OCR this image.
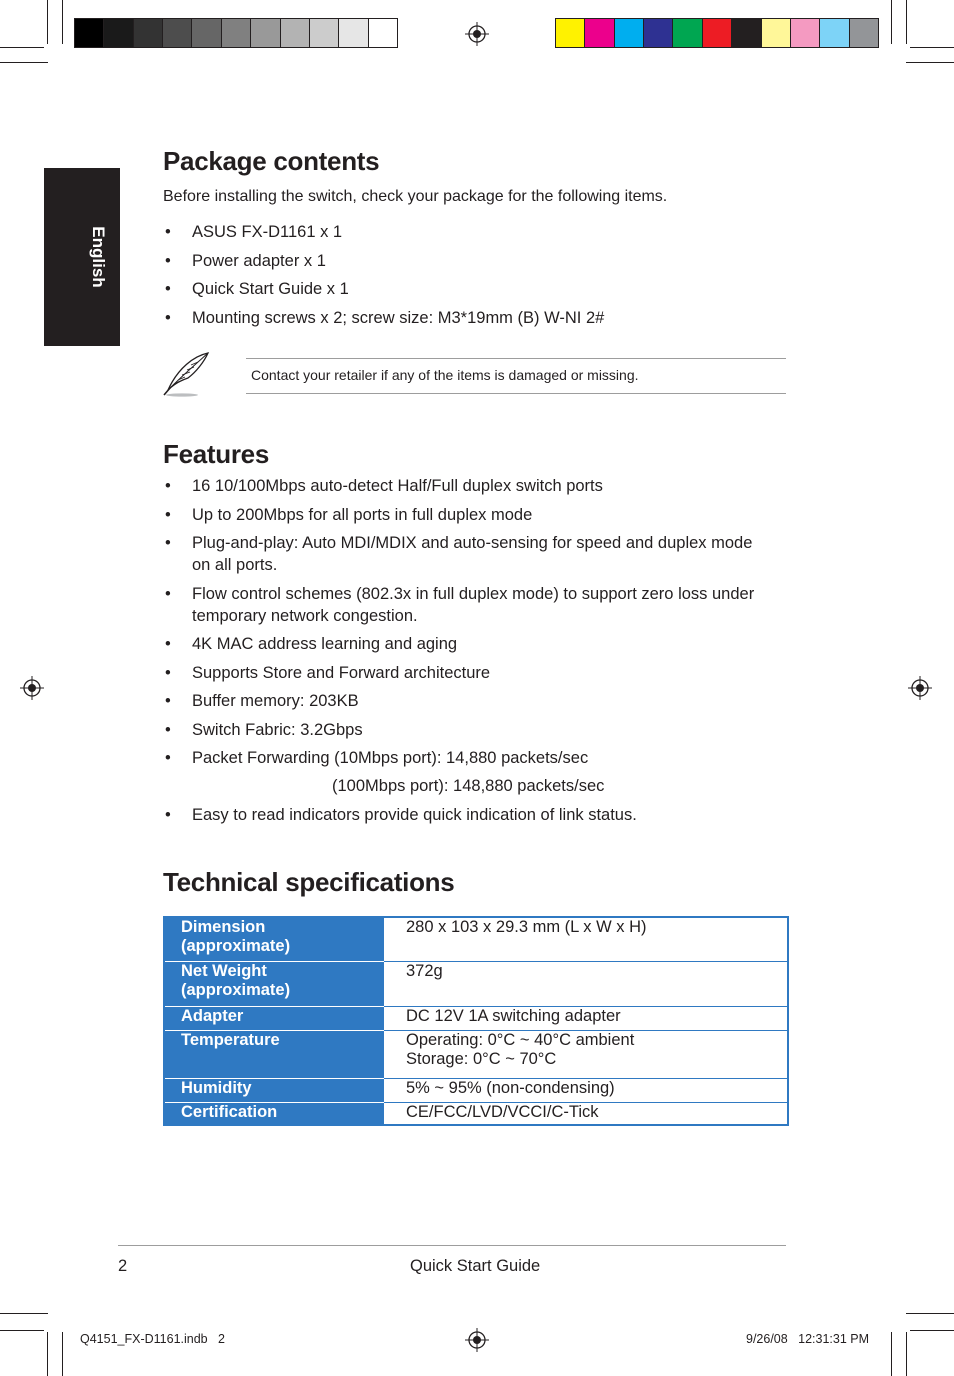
English
Package contents
Before installing the switch, check your package for the following items.
• ASUS FX-D1161 x 1
• Power adapter x 1
• Quick Start Guide x 1
• Mounting screws x 2; screw size: M3*19mm (B) W-NI 2#
Contact your retailer if any of the items is damaged or missing.
Features
• 16 10/100Mbps auto-detect Half/Full duplex switch ports
• Up to 200Mbps for all ports in full duplex mode
• Plug-and-play: Auto MDI/MDIX and auto-sensing for speed and duplex mode
on all ports.
• Flow control schemes (802.3x in full duplex mode) to support zero loss under
temporary network congestion.
• 4K MAC address learning and aging
• Supports Store and Forward architecture
• Buffer memory: 203KB
• Switch Fabric: 3.2Gbps
• Packet Forwarding (10Mbps port): 14,880 packets/sec
(100Mbps port): 148,880 packets/sec
• Easy to read indicators provide quick indication of link status.
Technical specifications
Dimension
(approximate)	280 x 103 x 29.3 mm (L x W x H)
Net Weight
(approximate)	372g
Adapter	DC 12V 1A switching adapter
Temperature	Operating: 0°C ~ 40°C ambient
Storage: 0°C ~ 70°C
Humidity	5% ~ 95% (non-condensing)
Certification	CE/FCC/LVD/VCCI/C-Tick
2	Quick Start Guide
Q4151_FX-D1161.indb   2	9/26/08   12:31:31 PM
